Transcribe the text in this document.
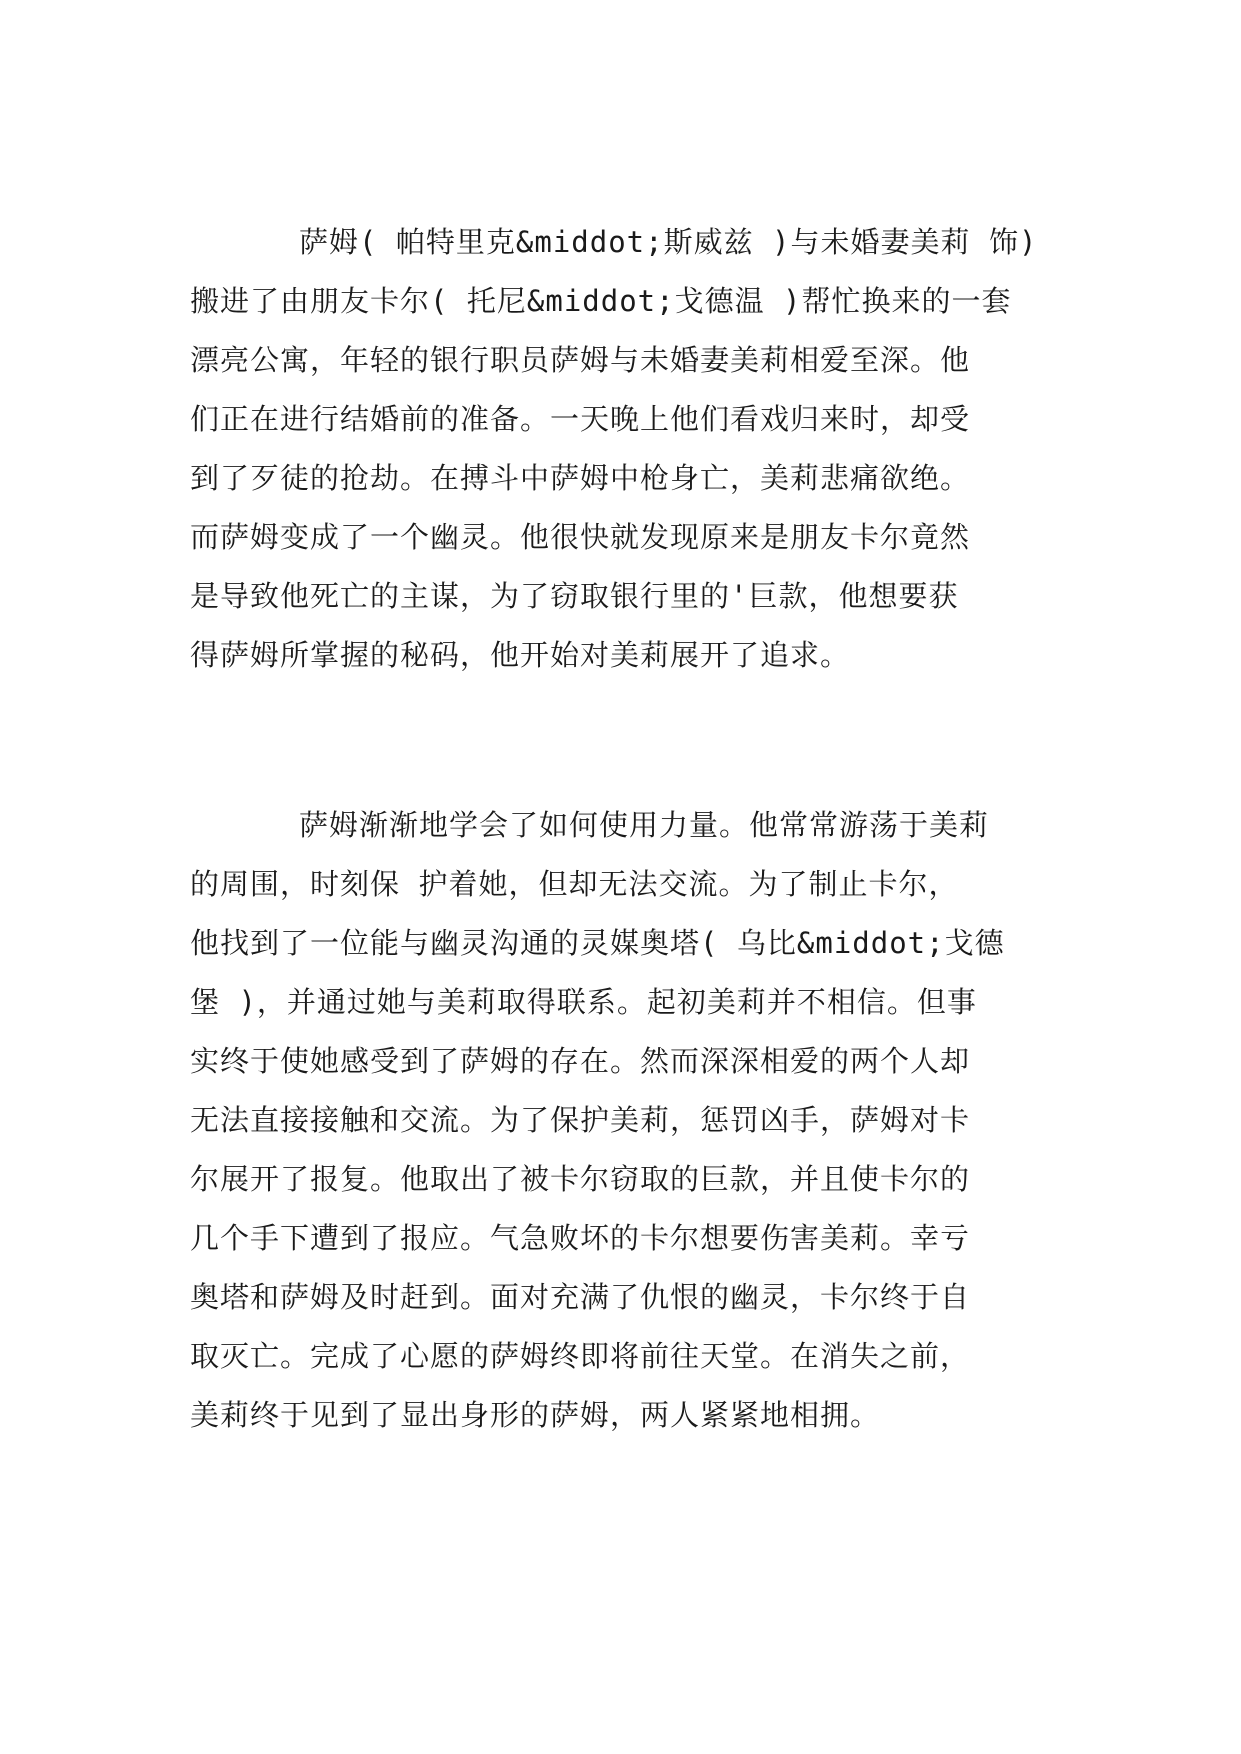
萨姆( 帕特里克&middot;斯威兹 )与未婚妻美莉 饰)
搬进了由朋友卡尔( 托尼&middot;戈德温 )帮忙换来的一套
漂亮公寓，年轻的银行职员萨姆与未婚妻美莉相爱至深。他
们正在进行结婚前的准备。一天晚上他们看戏归来时，却受
到了歹徒的抢劫。在搏斗中萨姆中枪身亡，美莉悲痛欲绝。
而萨姆变成了一个幽灵。他很快就发现原来是朋友卡尔竟然
是导致他死亡的主谋，为了窃取银行里的'巨款，他想要获
得萨姆所掌握的秘码，他开始对美莉展开了追求。
萨姆渐渐地学会了如何使用力量。他常常游荡于美莉
的周围，时刻保 护着她，但却无法交流。为了制止卡尔，
他找到了一位能与幽灵沟通的灵媒奥塔( 乌比&middot;戈德
堡 )，并通过她与美莉取得联系。起初美莉并不相信。但事
实终于使她感受到了萨姆的存在。然而深深相爱的两个人却
无法直接接触和交流。为了保护美莉，惩罚凶手，萨姆对卡
尔展开了报复。他取出了被卡尔窃取的巨款，并且使卡尔的
几个手下遭到了报应。气急败坏的卡尔想要伤害美莉。幸亏
奥塔和萨姆及时赶到。面对充满了仇恨的幽灵，卡尔终于自
取灭亡。完成了心愿的萨姆终即将前往天堂。在消失之前，
美莉终于见到了显出身形的萨姆，两人紧紧地相拥。
